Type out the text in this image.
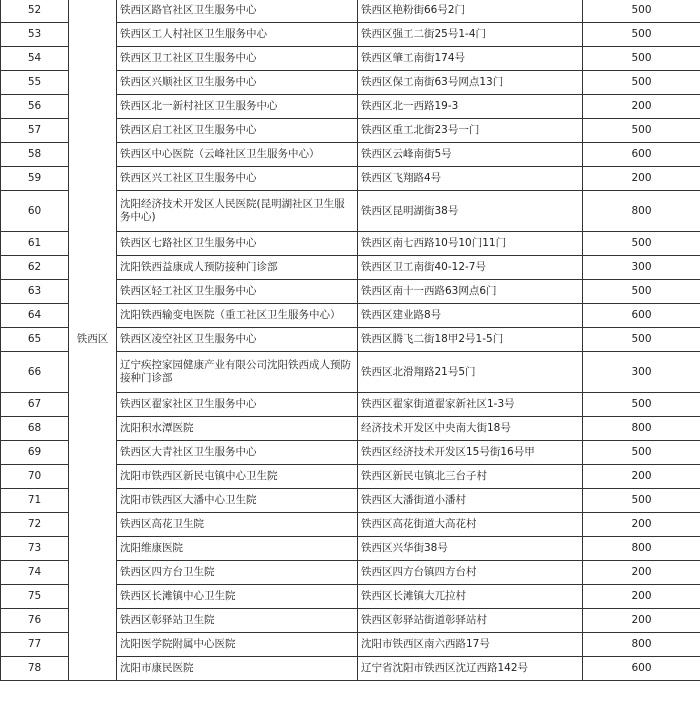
52	铁西区	铁西区路官社区卫生服务中心	铁西区艳粉街66号2门	500
53		铁西区工人村社区卫生服务中心	铁西区强工二街25号1-4门	500
54		铁西区卫工社区卫生服务中心	铁西区肇工南街174号	500
55		铁西区兴顺社区卫生服务中心	铁西区保工南街63号网点13门	500
56		铁西区北一新村社区卫生服务中心	铁西区北一西路19-3	200
57		铁西区启工社区卫生服务中心	铁西区重工北街23号一门	500
58		铁西区中心医院（云峰社区卫生服务中心）	铁西区云峰南街5号	600
59		铁西区兴工社区卫生服务中心	铁西区飞翔路4号	200
60		沈阳经济技术开发区人民医院(昆明湖社区卫生服务中心)	铁西区昆明湖街38号	800
61		铁西区七路社区卫生服务中心	铁西区南七西路10号10门11门	500
62		沈阳铁西益康成人预防接种门诊部	铁西区卫工南街40-12-7号	300
63		铁西区轻工社区卫生服务中心	铁西区南十一西路63网点6门	500
64		沈阳铁西输变电医院（重工社区卫生服务中心）	铁西区建业路8号	600
65		铁西区凌空社区卫生服务中心	铁西区腾飞二街18甲2号1-5门	500
66		辽宁疾控家园健康产业有限公司沈阳铁西成人预防接种门诊部	铁西区北滑翔路21号5门	300
67		铁西区翟家社区卫生服务中心	铁西区翟家街道翟家新社区1-3号	500
68		沈阳积水潭医院	经济技术开发区中央南大街18号	800
69		铁西区大青社区卫生服务中心	铁西区经济技术开发区15号街16号甲	500
70		沈阳市铁西区新民屯镇中心卫生院	铁西区新民屯镇北三台子村	200
71		沈阳市铁西区大潘中心卫生院	铁西区大潘街道小潘村	500
72		铁西区高花卫生院	铁西区高花街道大高花村	200
73		沈阳维康医院	铁西区兴华街38号	800
74		铁西区四方台卫生院	铁西区四方台镇四方台村	200
75		铁西区长滩镇中心卫生院	铁西区长滩镇大兀拉村	200
76		铁西区彰驿站卫生院	铁西区彰驿站街道彰驿站村	200
77		沈阳医学院附属中心医院	沈阳市铁西区南六西路17号	800
78		沈阳市康民医院	辽宁省沈阳市铁西区沈辽西路142号	600
